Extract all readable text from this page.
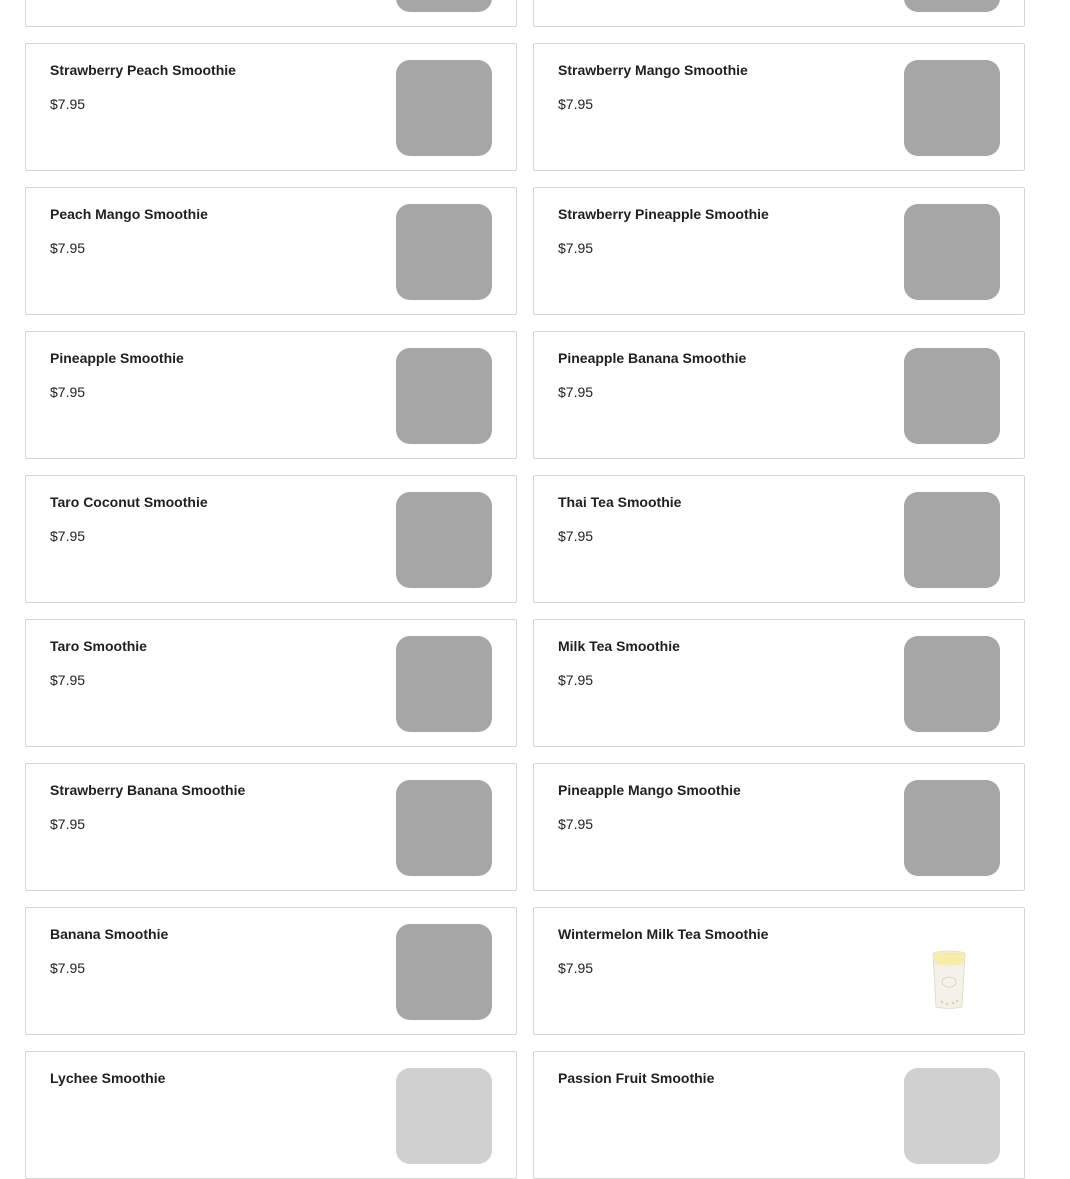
Strawberry Peach Smoothie
$7.95
Strawberry Mango Smoothie
$7.95
Peach Mango Smoothie
$7.95
Strawberry Pineapple Smoothie
$7.95
Pineapple Smoothie
$7.95
Pineapple Banana Smoothie
$7.95
Taro Coconut Smoothie
$7.95
Thai Tea Smoothie
$7.95
Taro Smoothie
$7.95
Milk Tea Smoothie
$7.95
Strawberry Banana Smoothie
$7.95
Pineapple Mango Smoothie
$7.95
Banana Smoothie
$7.95
Wintermelon Milk Tea Smoothie
$7.95
Lychee Smoothie	Passion Fruit Smoothie
